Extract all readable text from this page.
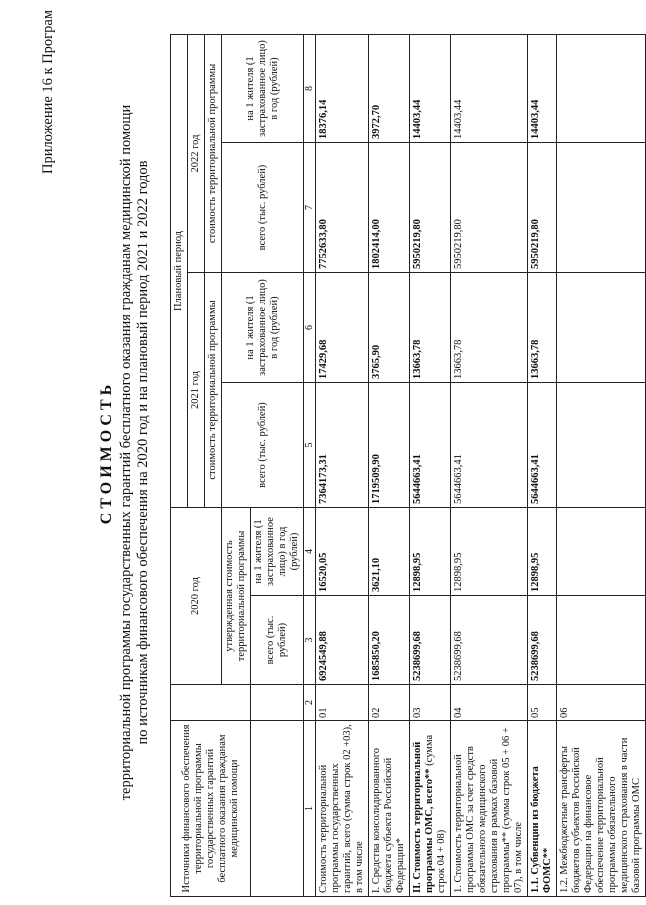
Приложение 16 к Програм
СТОИМОСТЬ территориальной программы государственных гарантий бесплатного оказания гражданам медицинской помощи по источникам финансового обеспечения на 2020 год и на плановый период 2021 и 2022 годов
Источники финансового обеспечения территориальной программы государственных гарантий бесплатного оказания гражданам медицинской помощи		2020 год		Плановый период			
				2021 год		2022 год	
				стоимость территориальной программы		стоимость территориальной программы	
		утвержденная стоимость территориальной программы		всего (тыс. рублей)	на 1 жителя (1 застрахованное лицо) в год (рублей)	всего (тыс. рублей)	на 1 жителя (1 застрахованное лицо) в год (рублей)
		всего (тыс. рублей)	на 1 жителя (1 застрахованное лицо) в год (рублей)				
1	2	3	4	5	6	7	8
Стоимость территориальной программы государственных гарантий, всего (сумма строк 02 +03), в том числе	01	6924549,88	16520,05	7364173,31	17429,68	7752633,80	18376,14
I. Средства консолидированного бюджета субъекта Российской Федерации*	02	1685850,20	3621,10	1719509,90	3765,90	1802414,00	3972,70
II. Стоимость территориальной программы ОМС, всего** (сумма строк 04 + 08)	03	5238699,68	12898,95	5644663,41	13663,78	5950219,80	14403,44
1. Стоимость территориальной программы ОМС за счет средств обязательного медицинского страхования в рамках базовой программы** (сумма строк 05 + 06 + 07), в том числе	04	5238699,68	12898,95	5644663,41	13663,78	5950219,80	14403,44
1.1. Субвенции из бюджета ФОМС**	05	5238699,68	12898,95	5644663,41	13663,78	5950219,80	14403,44
1.2. Межбюджетные трансферты бюджетов субъектов Российской Федерации на финансовое обеспечение территориальной программы обязательного медицинского страхования в части базовой программы ОМС	06						
